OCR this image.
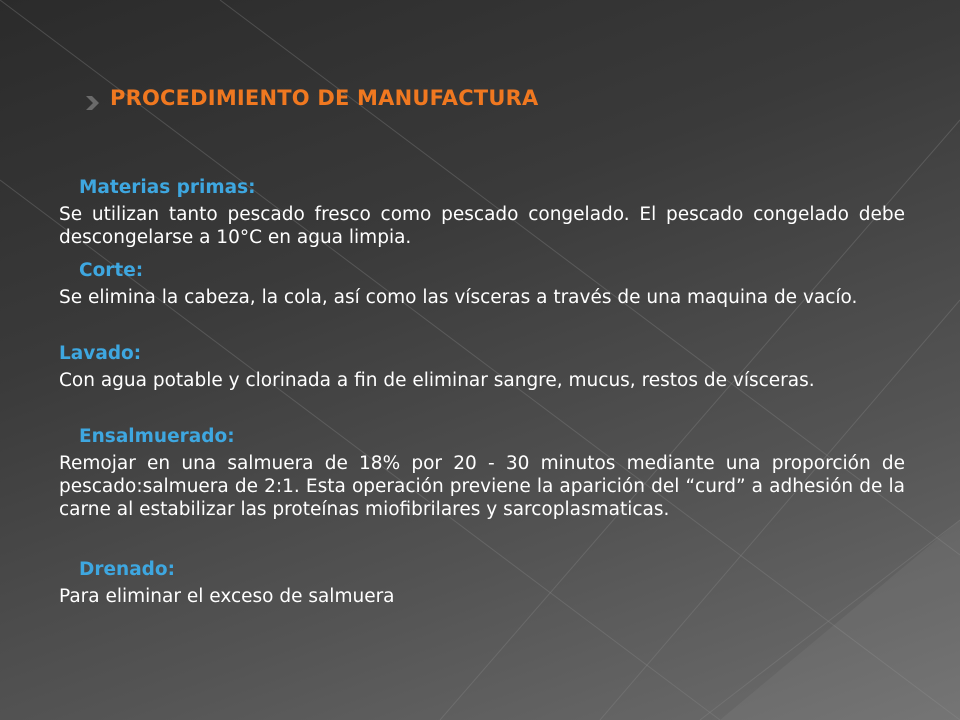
PROCEDIMIENTO DE MANUFACTURA

Materias primas:

Se utilizan tanto pescado fresco como pescado congelado. El pescado congelado debe descongelarse a 10°C en agua limpia.

Corte:

Se elimina la cabeza, la cola, así como las vísceras a través de una maquina de vacío.

Lavado:

Con agua potable y clorinada a fin de eliminar sangre, mucus, restos de vísceras.

Ensalmuerado:

Remojar en una salmuera de 18% por 20 - 30 minutos mediante una proporción de pescado:salmuera de 2:1. Esta operación previene la aparición del “curd” a adhesión de la carne al estabilizar las proteínas miofibrilares y sarcoplasmaticas.

Drenado:

Para eliminar el exceso de salmuera
